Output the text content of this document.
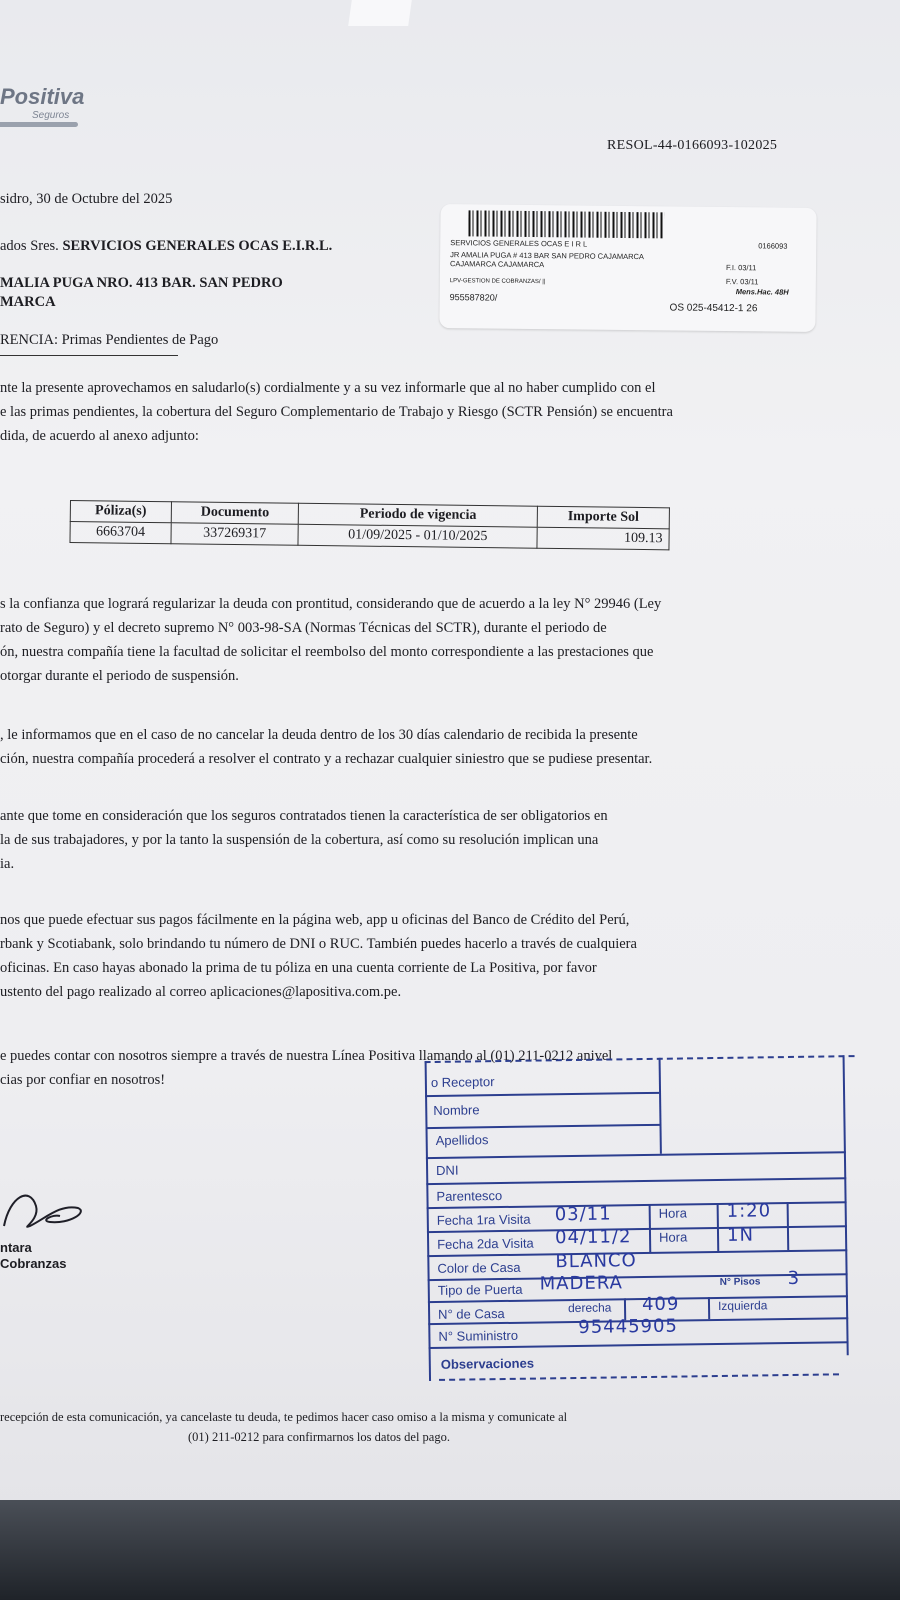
Positiva
Seguros
RESOL-44-0166093-102025
sidro, 30 de Octubre del 2025
ados Sres. SERVICIOS GENERALES OCAS E.I.R.L.
MALIA PUGA NRO. 413 BAR. SAN PEDRO
MARCA
SERVICIOS GENERALES OCAS E I R L	0166093
JR AMALIA PUGA # 413 BAR SAN PEDRO CAJAMARCA
CAJAMARCA CAJAMARCA	F.I. 03/11
LPV-GESTION DE COBRANZAS/ ||	F.V. 03/11
Mens.Hac. 48H
955587820/
OS 025-45412-1 26
RENCIA: Primas Pendientes de Pago
nte la presente aprovechamos en saludarlo(s) cordialmente y a su vez informarle que al no haber cumplido con el
e las primas pendientes, la cobertura del Seguro Complementario de Trabajo y Riesgo (SCTR Pensión) se encuentra
dida, de acuerdo al anexo adjunto:
Póliza(s)	Documento	Periodo de vigencia	Importe Sol
6663704	337269317	01/09/2025 - 01/10/2025	109.13
s la confianza que logrará regularizar la deuda con prontitud, considerando que de acuerdo a la ley N° 29946 (Ley
rato de Seguro) y el decreto supremo N° 003-98-SA (Normas Técnicas del SCTR), durante el periodo de
ón, nuestra compañía tiene la facultad de solicitar el reembolso del monto correspondiente a las prestaciones que
otorgar durante el periodo de suspensión.
, le informamos que en el caso de no cancelar la deuda dentro de los 30 días calendario de recibida la presente
ción, nuestra compañía procederá a resolver el contrato y a rechazar cualquier siniestro que se pudiese presentar.
ante que tome en consideración que los seguros contratados tienen la característica de ser obligatorios en
la de sus trabajadores, y por la tanto la suspensión de la cobertura, así como su resolución implican una
ia.
nos que puede efectuar sus pagos fácilmente en la página web, app u oficinas del Banco de Crédito del Perú,
rbank y Scotiabank, solo brindando tu número de DNI o RUC. También puedes hacerlo a través de cualquiera
oficinas. En caso hayas abonado la prima de tu póliza en una cuenta corriente de La Positiva, por favor
ustento del pago realizado al correo aplicaciones@lapositiva.com.pe.
e puedes contar con nosotros siempre a través de nuestra Línea Positiva llamando al (01) 211-0212 anivel
cias por confiar en nosotros!
ntara
Cobranzas
o Receptor
Nombre
Apellidos
DNI
Parentesco
Fecha 1ra Visita 03/11	Hora 1:20
Fecha 2da Visita 04/11/2 Hora 1N
Color de Casa BLANCO
Tipo de Puerta MADERA	N° Pisos 3
N° de Casa	derecha 409	Izquierda
N° Suministro	95445905
Observaciones
recepción de esta comunicación, ya cancelaste tu deuda, te pedimos hacer caso omiso a la misma y comunicate al
(01) 211-0212 para confirmarnos los datos del pago.
